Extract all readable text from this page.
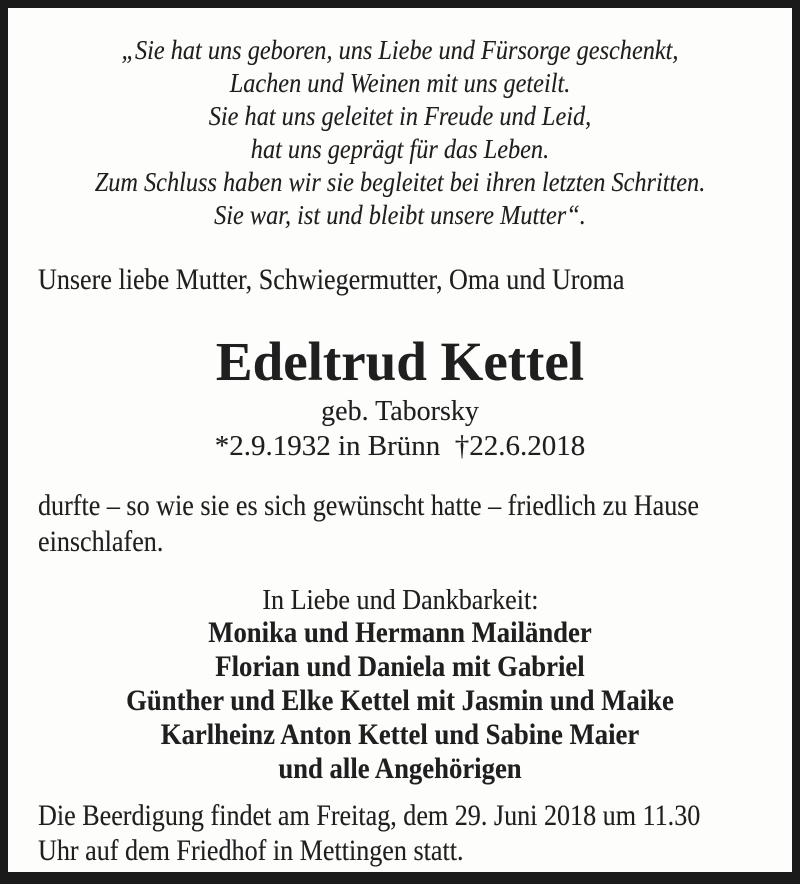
„Sie hat uns geboren, uns Liebe und Fürsorge geschenkt,
Lachen und Weinen mit uns geteilt.
Sie hat uns geleitet in Freude und Leid,
hat uns geprägt für das Leben.
Zum Schluss haben wir sie begleitet bei ihren letzten Schritten.
Sie war, ist und bleibt unsere Mutter“.
Unsere liebe Mutter, Schwiegermutter, Oma und Uroma
Edeltrud Kettel
geb. Taborsky
*2.9.1932 in Brünn  †22.6.2018
durfte – so wie sie es sich gewünscht hatte – friedlich zu Hause
einschlafen.
In Liebe und Dankbarkeit:
Monika und Hermann Mailänder
Florian und Daniela mit Gabriel
Günther und Elke Kettel mit Jasmin und Maike
Karlheinz Anton Kettel und Sabine Maier
und alle Angehörigen
Die Beerdigung findet am Freitag, dem 29. Juni 2018 um 11.30
Uhr auf dem Friedhof in Mettingen statt.
